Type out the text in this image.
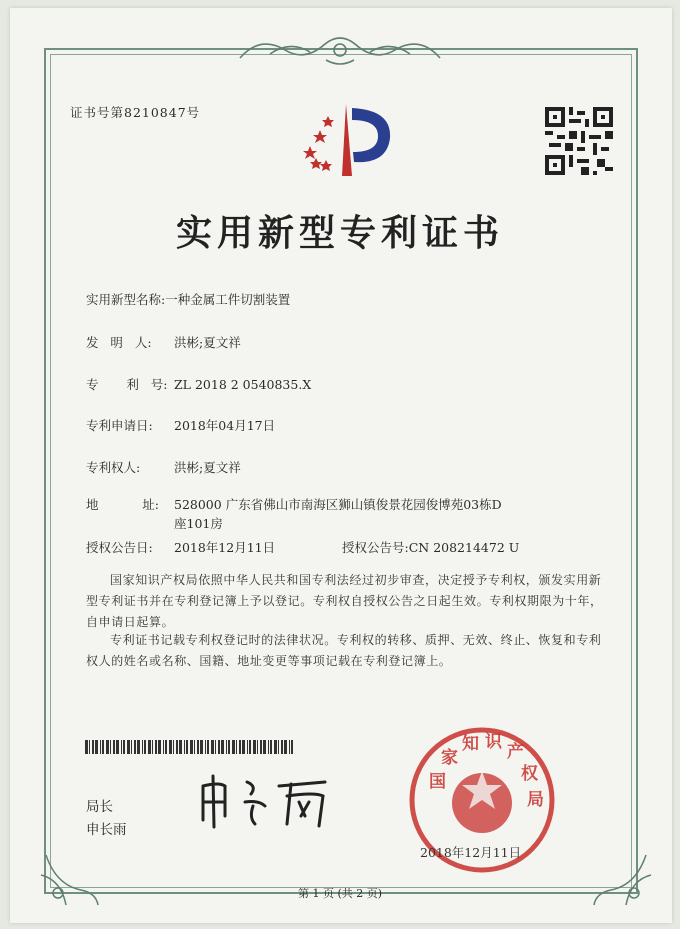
证书号第8210847号
实用新型专利证书
实用新型名称:一种金属工件切割装置
发   明   人: 洪彬;夏文祥
专       利   号: ZL 2018 2 0540835.X
专利申请日: 2018年04月17日
专利权人:	洪彬;夏文祥
地           址: 528000 广东省佛山市南海区狮山镇俊景花园俊博苑03栋D
座101房
授权公告日: 2018年12月11日	授权公告号:CN 208214472 U
国家知识产权局依照中华人民共和国专利法经过初步审查，决定授予专利权，颁发实用新型专利证书并在专利登记簿上予以登记。专利权自授权公告之日起生效。专利权期限为十年，自申请日起算。
专利证书记载专利权登记时的法律状况。专利权的转移、质押、无效、终止、恢复和专利权人的姓名或名称、国籍、地址变更等事项记载在专利登记簿上。
局长
申长雨
国
家
知 识 产
权
局
2018年12月11日
第 1 页 (共 2 页)
